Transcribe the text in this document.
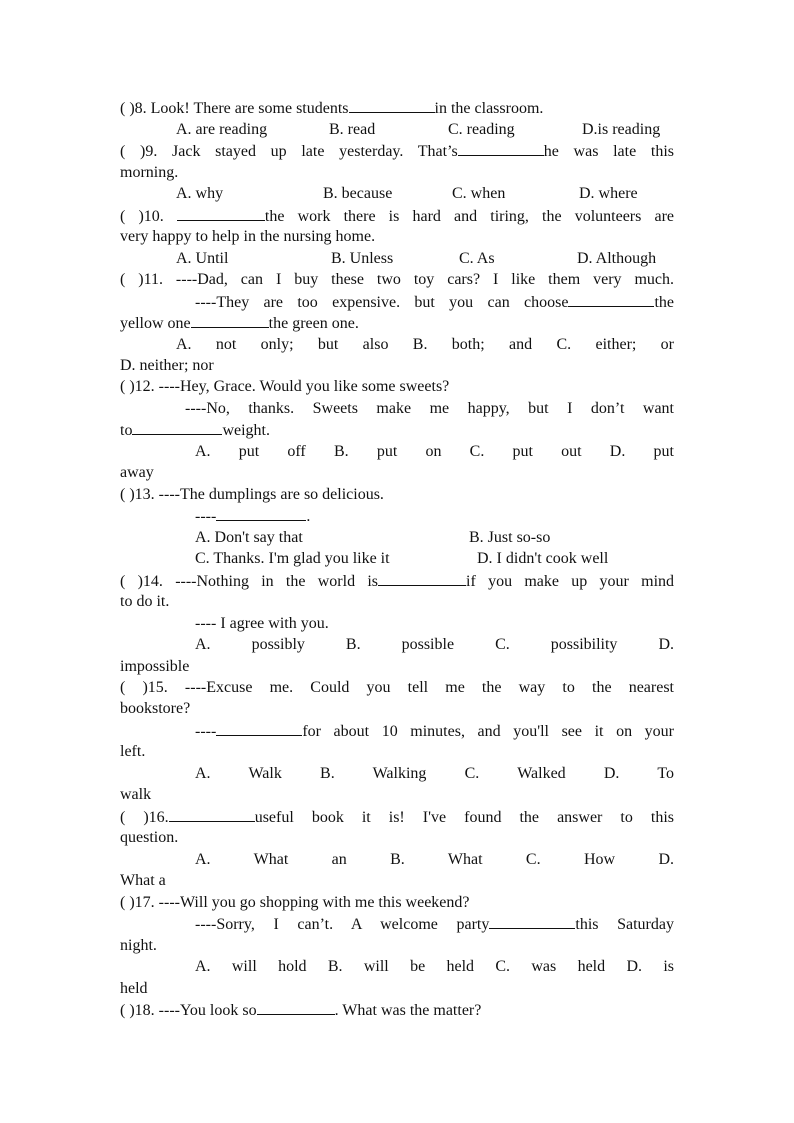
( )8. Look! There are some students	in the classroom.
A. are reading	B. read	C. reading	D.is reading
( )9. Jack stayed up late yesterday. That’s	he was late this
morning.
A. why	B. because	C. when	D. where
( )10.	the work there is hard and tiring, the volunteers are
very happy to help in the nursing home.
A. Until	B. Unless	C. As	D. Although
( )11. ----Dad, can I buy these two toy cars? I like them very much.
----They are too expensive. but you can choose	the
yellow one	the green one.
A. not only; but also B. both; and C. either; or
D. neither; nor
( )12. ----Hey, Grace. Would you like some sweets?
----No, thanks. Sweets make me happy, but I don’t want
to	weight.
A. put off B. put on C. put out D. put
away
( )13. ----The dumplings are so delicious.
----	.
A. Don't say that	B. Just so-so
C. Thanks. I'm glad you like it	D. I didn't cook well
( )14. ----Nothing in the world is	if you make up your mind
to do it.
---- I agree with you.
A. possibly B. possible C. possibility D.
impossible
( )15. ----Excuse me. Could you tell me the way to the nearest
bookstore?
----	for about 10 minutes, and you'll see it on your
left.
A. Walk B. Walking C. Walked D. To
walk
( )16.	useful book it is! I've found the answer to this
question.
A. What an B. What C. How D.
What a
( )17. ----Will you go shopping with me this weekend?
----Sorry, I can’t. A welcome party	this Saturday
night.
A. will hold B. will be held C. was held D. is
held
( )18. ----You look so	. What was the matter?
